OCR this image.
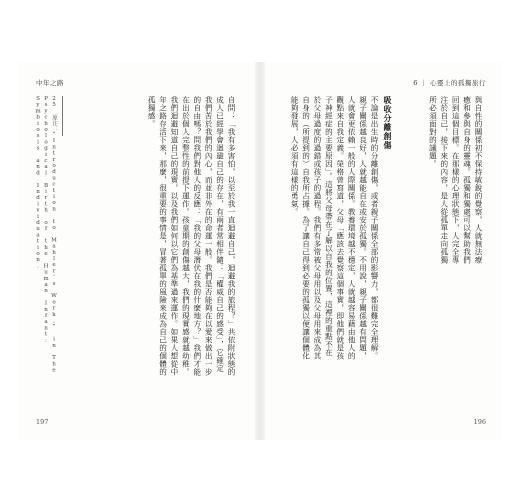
中年之路
25 原注：“Introduction to Mahler's Work,” in The Psychological Birth of the Human Infant: Symbiosis and Individuation.	自問：「我有多害怕，以至於我一直迴避自己，迴避我的旅程？」共依附狀態的成人已經學會迴避自己的存在，有兩者常相伴隨：「權威自己的感受」，它確定我們苦於我們的內心，而並非外在的命運一般。我們是否能夠在以愛來做出一步的自由嗎？問我們對他人的反應：「我的父母潛伏在我的什麼地方？」我們才能在出於個人完整性的前提下運作。孩童期的創傷越大，我們的現實感就越幼稚。我們迴避知道自己的現實，以及我們如何以它們為基準過來運作。如果人想從中年之路存活下來，那麼，很重要的事情是，冒著孤單的風險來成為自己的個體的孤獨感。
197
6 ｜ 心靈上的孤獨旅行
與自性的關係初不保持敏銳的覺察，人就無法療癒和參與自身的靈魂。孤獨和獨處可以幫助我們回到這個目標。在那樣的心理狀態下，人完全專注於自己，接下來的內容，是人從孤單走向孤獨所必須面對的議題。
吸收分離創傷
不論是出生時的分離創傷，或者親子關係全部的影響力，都很難完全理解。親子關係越良好，人就越能自在或安於孤獨。不用說，親子關係越有問題，人就會更依賴一般的人際關係。教養環境越不穩定，人就越容易藉由他人的觀點來自我定義。榮格曾寫道，父母「應該去覺察這個事實，即他們就是孩子神經症的主要原因」。這將父母帶在了解以自我的位置，這裡的重點不在於父母過度的過錯或孩子的過程。我們有多常被父母用以及父母用來成為其自身的（所提到的）自我所占據。為了讓自己得到必要的孤獨以便讓個體化能夠發展，人必須有這樣的勇氣。
196
